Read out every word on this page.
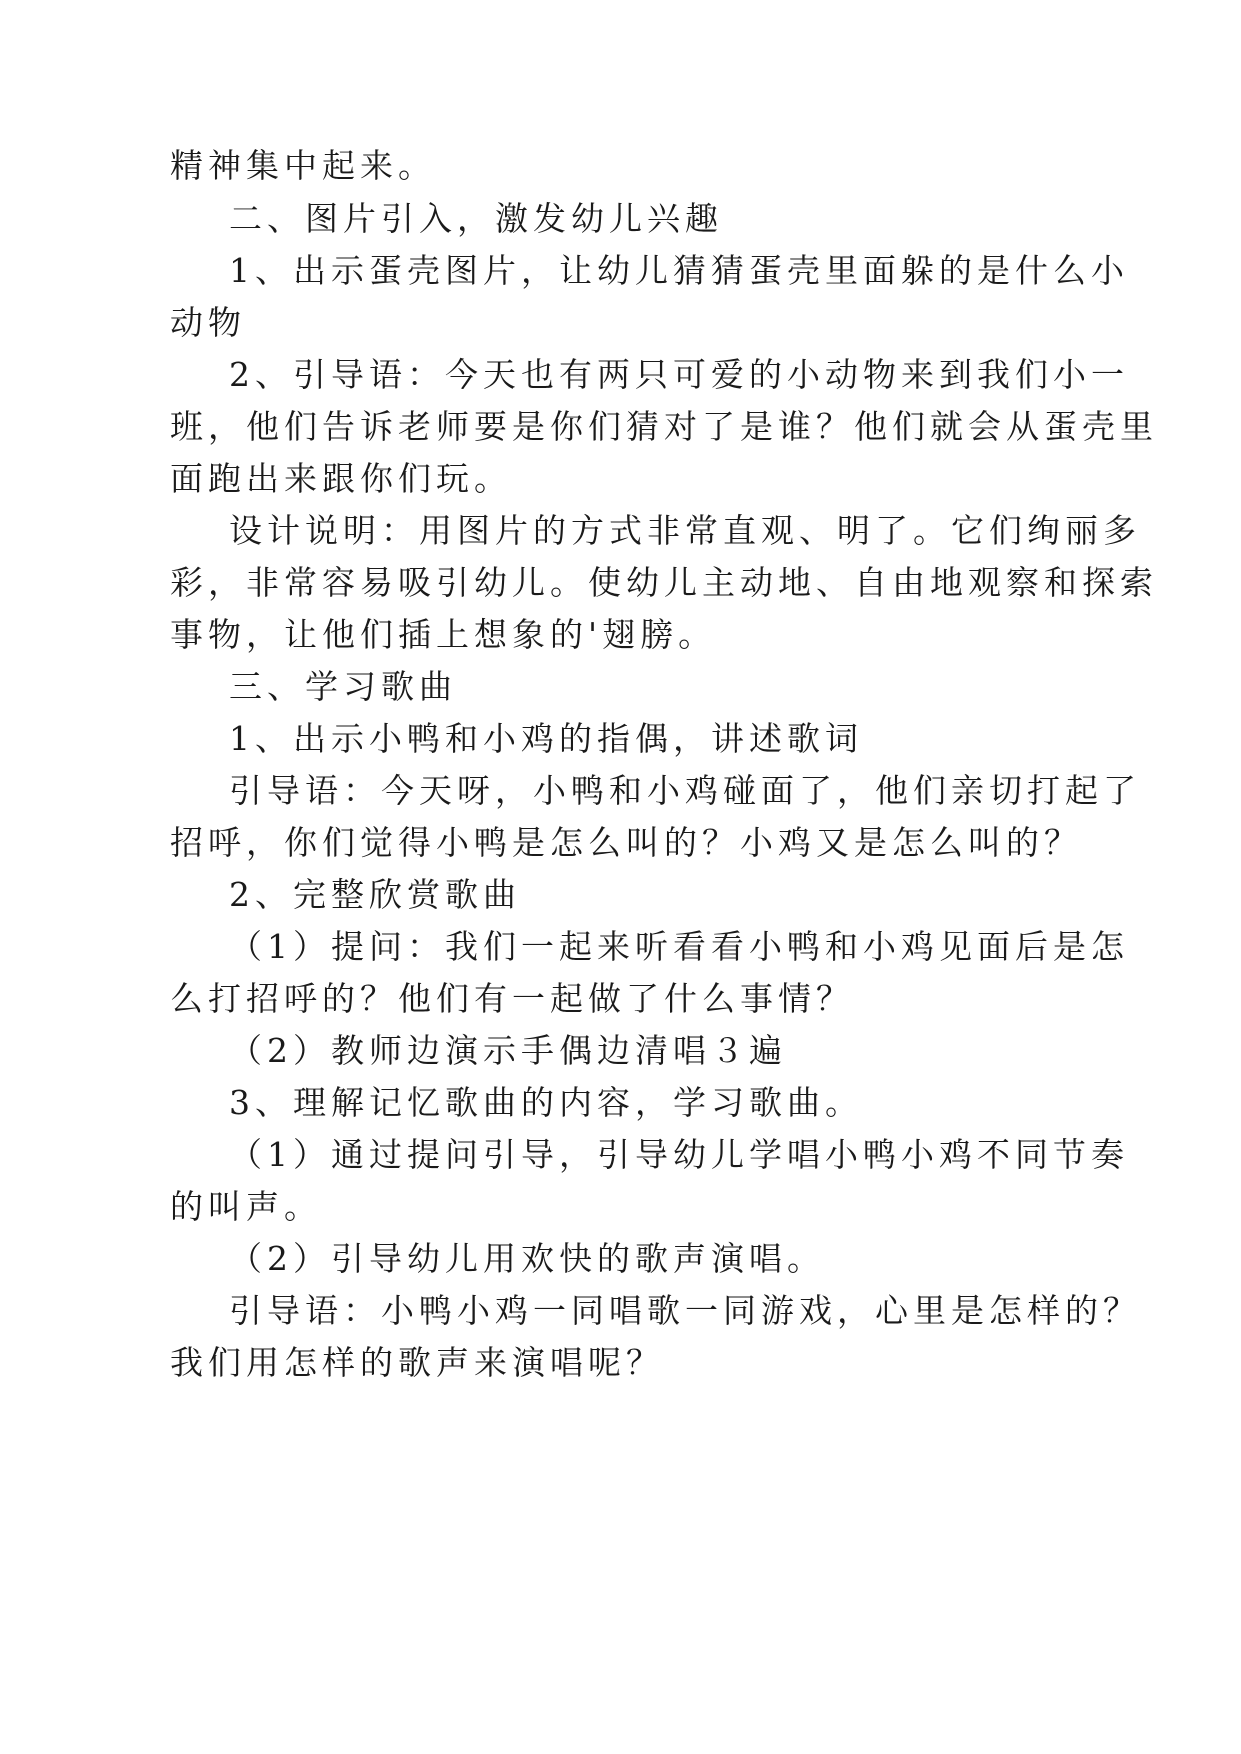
精神集中起来。

二、图片引入，激发幼儿兴趣

1、出示蛋壳图片，让幼儿猜猜蛋壳里面躲的是什么小

动物

2、引导语：今天也有两只可爱的小动物来到我们小一

班，他们告诉老师要是你们猜对了是谁？他们就会从蛋壳里

面跑出来跟你们玩。

设计说明：用图片的方式非常直观、明了。它们绚丽多

彩，非常容易吸引幼儿。使幼儿主动地、自由地观察和探索

事物，让他们插上想象的'翅膀。

三、学习歌曲

1、出示小鸭和小鸡的指偶，讲述歌词

引导语：今天呀，小鸭和小鸡碰面了，他们亲切打起了

招呼，你们觉得小鸭是怎么叫的？小鸡又是怎么叫的？

2、完整欣赏歌曲

（1）提问：我们一起来听看看小鸭和小鸡见面后是怎

么打招呼的？他们有一起做了什么事情？

（2）教师边演示手偶边清唱３遍

3、理解记忆歌曲的内容，学习歌曲。

（1）通过提问引导，引导幼儿学唱小鸭小鸡不同节奏

的叫声。

（2）引导幼儿用欢快的歌声演唱。

引导语：小鸭小鸡一同唱歌一同游戏，心里是怎样的？

我们用怎样的歌声来演唱呢？
